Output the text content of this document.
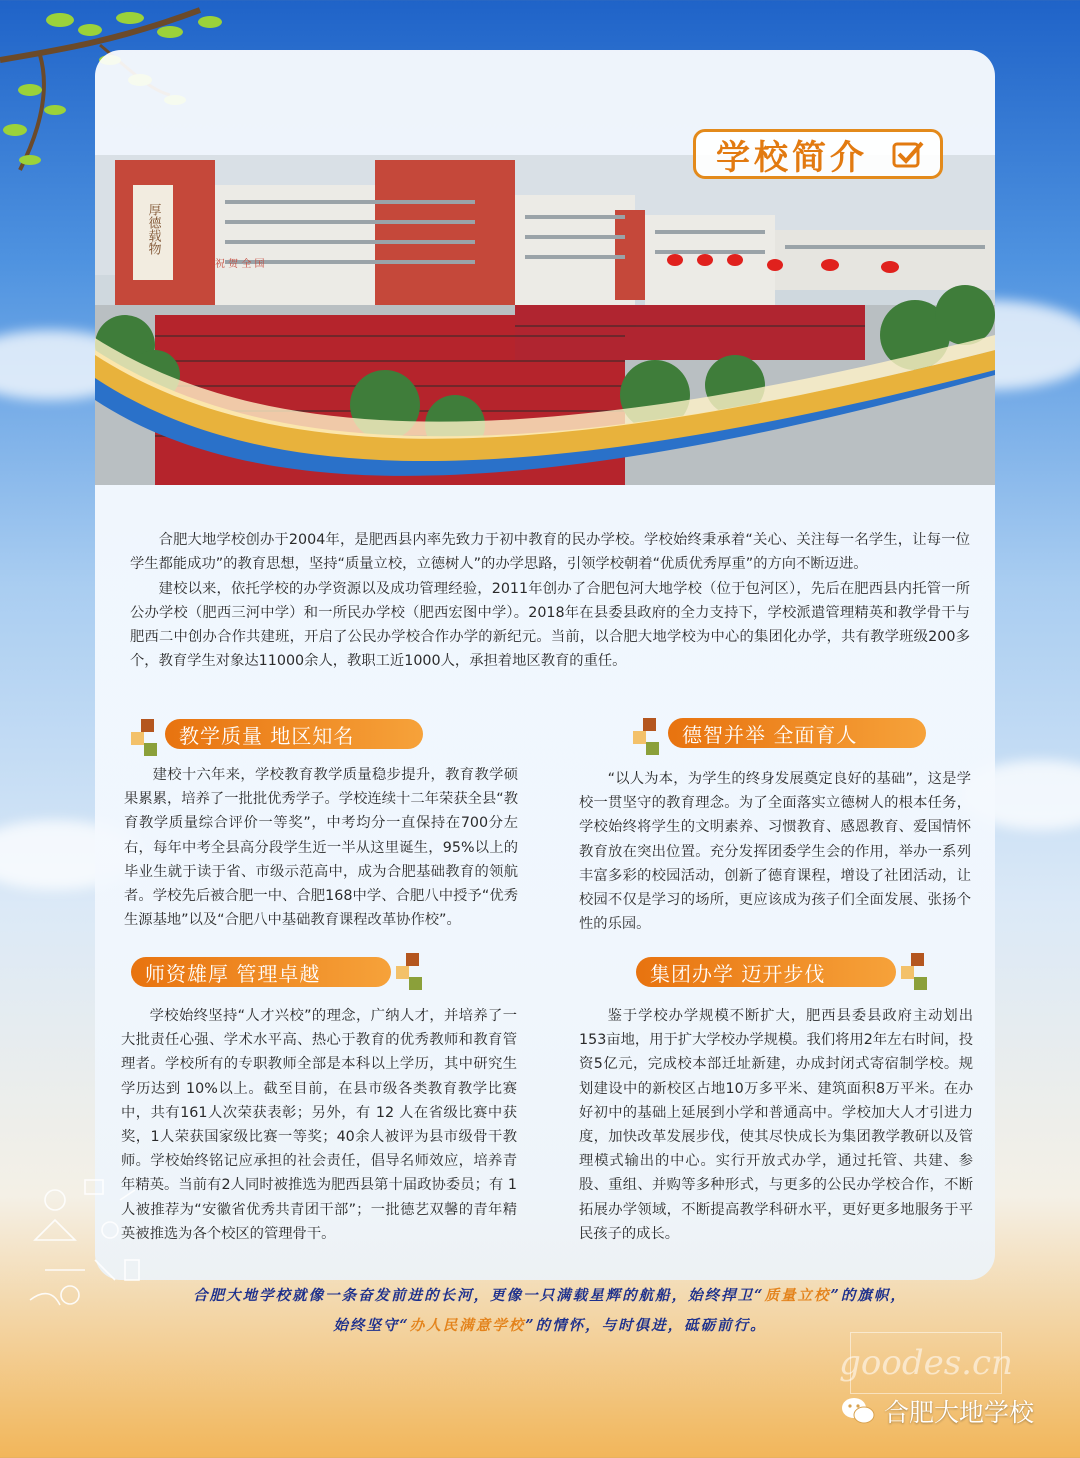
厚德载物
祝 贺 全 国
学校简介

合肥大地学校创办于2004年，是肥西县内率先致力于初中教育的民办学校。学校始终秉承着“关心、关注每一名学生，让每一位学生都能成功”的教育思想，坚持“质量立校，立德树人”的办学思路，引领学校朝着“优质优秀厚重”的方向不断迈进。

建校以来，依托学校的办学资源以及成功管理经验，2011年创办了合肥包河大地学校（位于包河区），先后在肥西县内托管一所公办学校（肥西三河中学）和一所民办学校（肥西宏图中学）。2018年在县委县政府的全力支持下，学校派遣管理精英和教学骨干与肥西二中创办合作共建班，开启了公民办学校合作办学的新纪元。当前，以合肥大地学校为中心的集团化办学，共有教学班级200多个，教育学生对象达11000余人，教职工近1000人，承担着地区教育的重任。

教学质量 地区知名

建校十六年来，学校教育教学质量稳步提升，教育教学硕果累累，培养了一批批优秀学子。学校连续十二年荣获全县“教育教学质量综合评价一等奖”，中考均分一直保持在700分左右，每年中考全县高分段学生近一半从这里诞生，95%以上的毕业生就于读于省、市级示范高中，成为合肥基础教育的领航者。学校先后被合肥一中、合肥168中学、合肥八中授予“优秀生源基地”以及“合肥八中基础教育课程改革协作校”。

德智并举 全面育人

“以人为本，为学生的终身发展奠定良好的基础”，这是学校一贯坚守的教育理念。为了全面落实立德树人的根本任务，学校始终将学生的文明素养、习惯教育、感恩教育、爱国情怀教育放在突出位置。充分发挥团委学生会的作用，举办一系列丰富多彩的校园活动，创新了德育课程，增设了社团活动，让校园不仅是学习的场所，更应该成为孩子们全面发展、张扬个性的乐园。

师资雄厚 管理卓越

学校始终坚持“人才兴校”的理念，广纳人才，并培养了一大批责任心强、学术水平高、热心于教育的优秀教师和教育管理者。学校所有的专职教师全部是本科以上学历，其中研究生学历达到 10%以上。截至目前，在县市级各类教育教学比赛中，共有161人次荣获表彰；另外，有 12 人在省级比赛中获奖，1人荣获国家级比赛一等奖；40余人被评为县市级骨干教师。学校始终铭记应承担的社会责任，倡导名师效应，培养青年精英。当前有2人同时被推选为肥西县第十届政协委员；有 1人被推荐为“安徽省优秀共青团干部”；一批德艺双馨的青年精英被推选为各个校区的管理骨干。

集团办学 迈开步伐

鉴于学校办学规模不断扩大，肥西县委县政府主动划出153亩地，用于扩大学校办学规模。我们将用2年左右时间，投资5亿元，完成校本部迁址新建，办成封闭式寄宿制学校。规划建设中的新校区占地10万多平米、建筑面积8万平米。在办好初中的基础上延展到小学和普通高中。学校加大人才引进力度，加快改革发展步伐，使其尽快成长为集团教学教研以及管理模式输出的中心。实行开放式办学，通过托管、共建、参股、重组、并购等多种形式，与更多的公民办学校合作，不断拓展办学领域，不断提高教学科研水平，更好更多地服务于平民孩子的成长。

合肥大地学校就像一条奋发前进的长河，更像一只满载星辉的航船，始终捍卫“质量立校”的旗帜，
始终坚守“办人民满意学校”的情怀，与时俱进，砥砺前行。
goodes.cn
合肥大地学校
